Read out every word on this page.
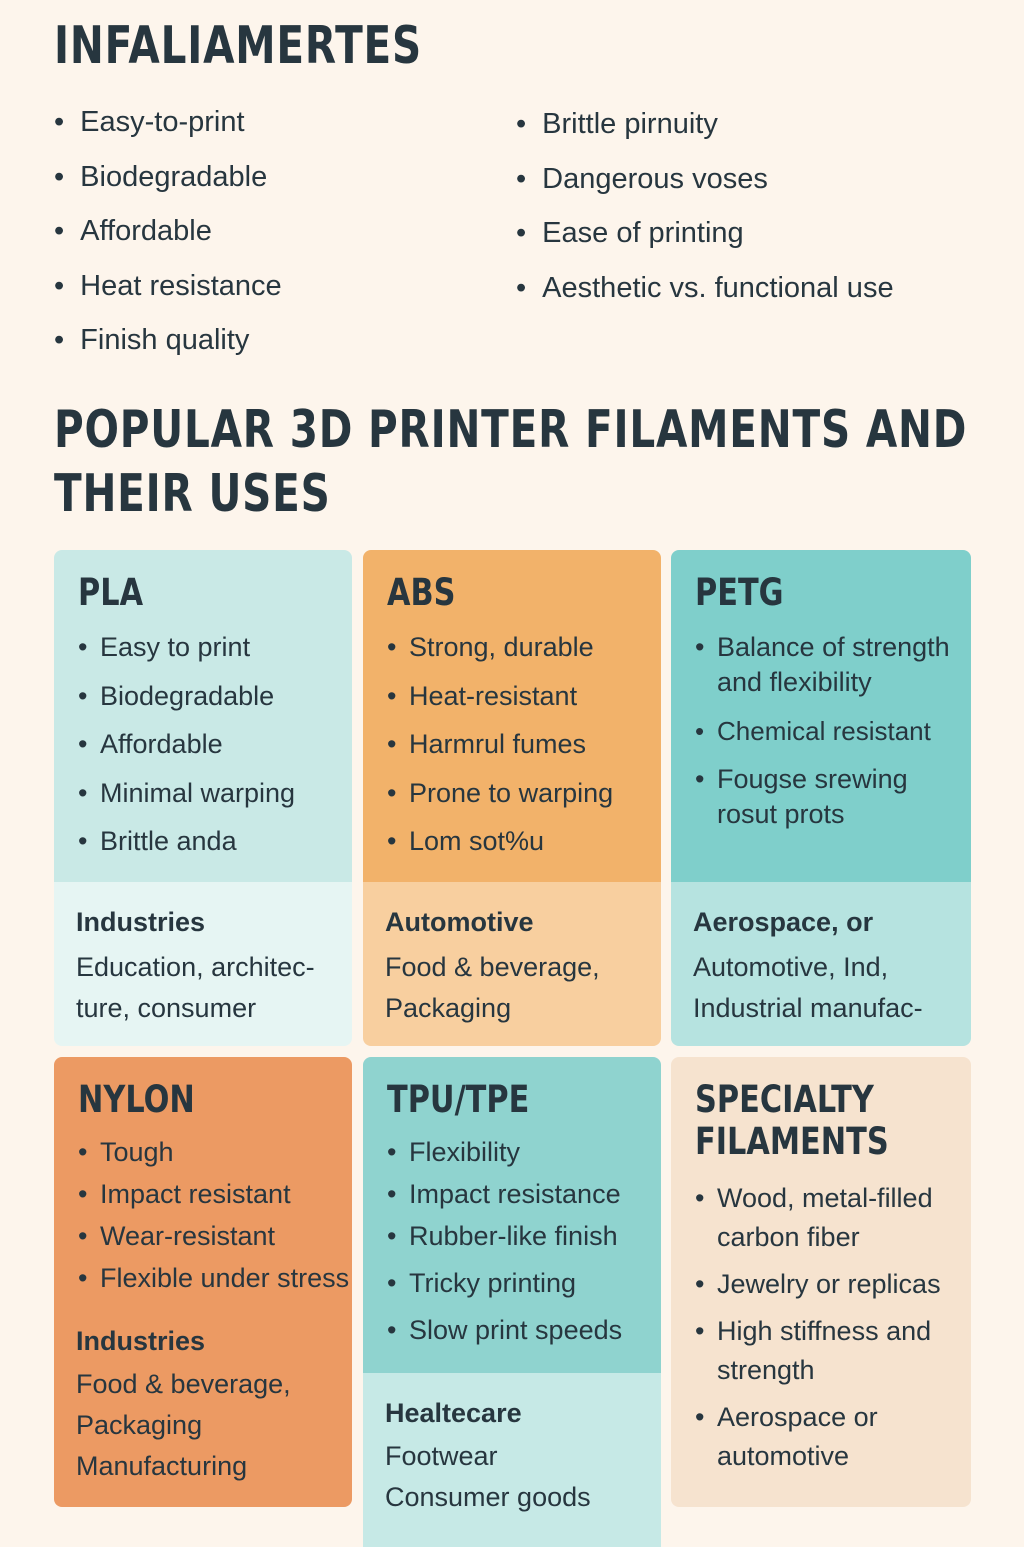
INFALIAMERTES
• Easy-to-print
• Biodegradable
• Affordable
• Heat resistance
• Finish quality
• Brittle pirnuity
• Dangerous voses
• Ease of printing
• Aesthetic vs. functional use
POPULAR 3D PRINTER FILAMENTS AND
THEIR USES
PLA
• Easy to print
• Biodegradable
• Affordable
• Minimal warping
• Brittle anda
Industries
Education, architec-
ture, consumer
ABS
• Strong, durable
• Heat-resistant
• Harmrul fumes
• Prone to warping
• Lom sot%u
Automotive
Food & beverage,
Packaging
PETG
• Balance of strength and flexibility
• Chemical resistant
• Fougse srewing rosut prots
Aerospace, or
Automotive, Ind,
Industrial manufac-
NYLON
• Tough
• Impact resistant
• Wear-resistant
• Flexible under stress
Industries
Food & beverage,
Packaging
Manufacturing
TPU/TPE
• Flexibility
• Impact resistance
• Rubber-like finish
• Tricky printing
• Slow print speeds
Healtecare
Footwear
Consumer goods
SPECIALTY FILAMENTS
• Wood, metal-filled carbon fiber
• Jewelry or replicas
• High stiffness and strength
• Aerospace or automotive
